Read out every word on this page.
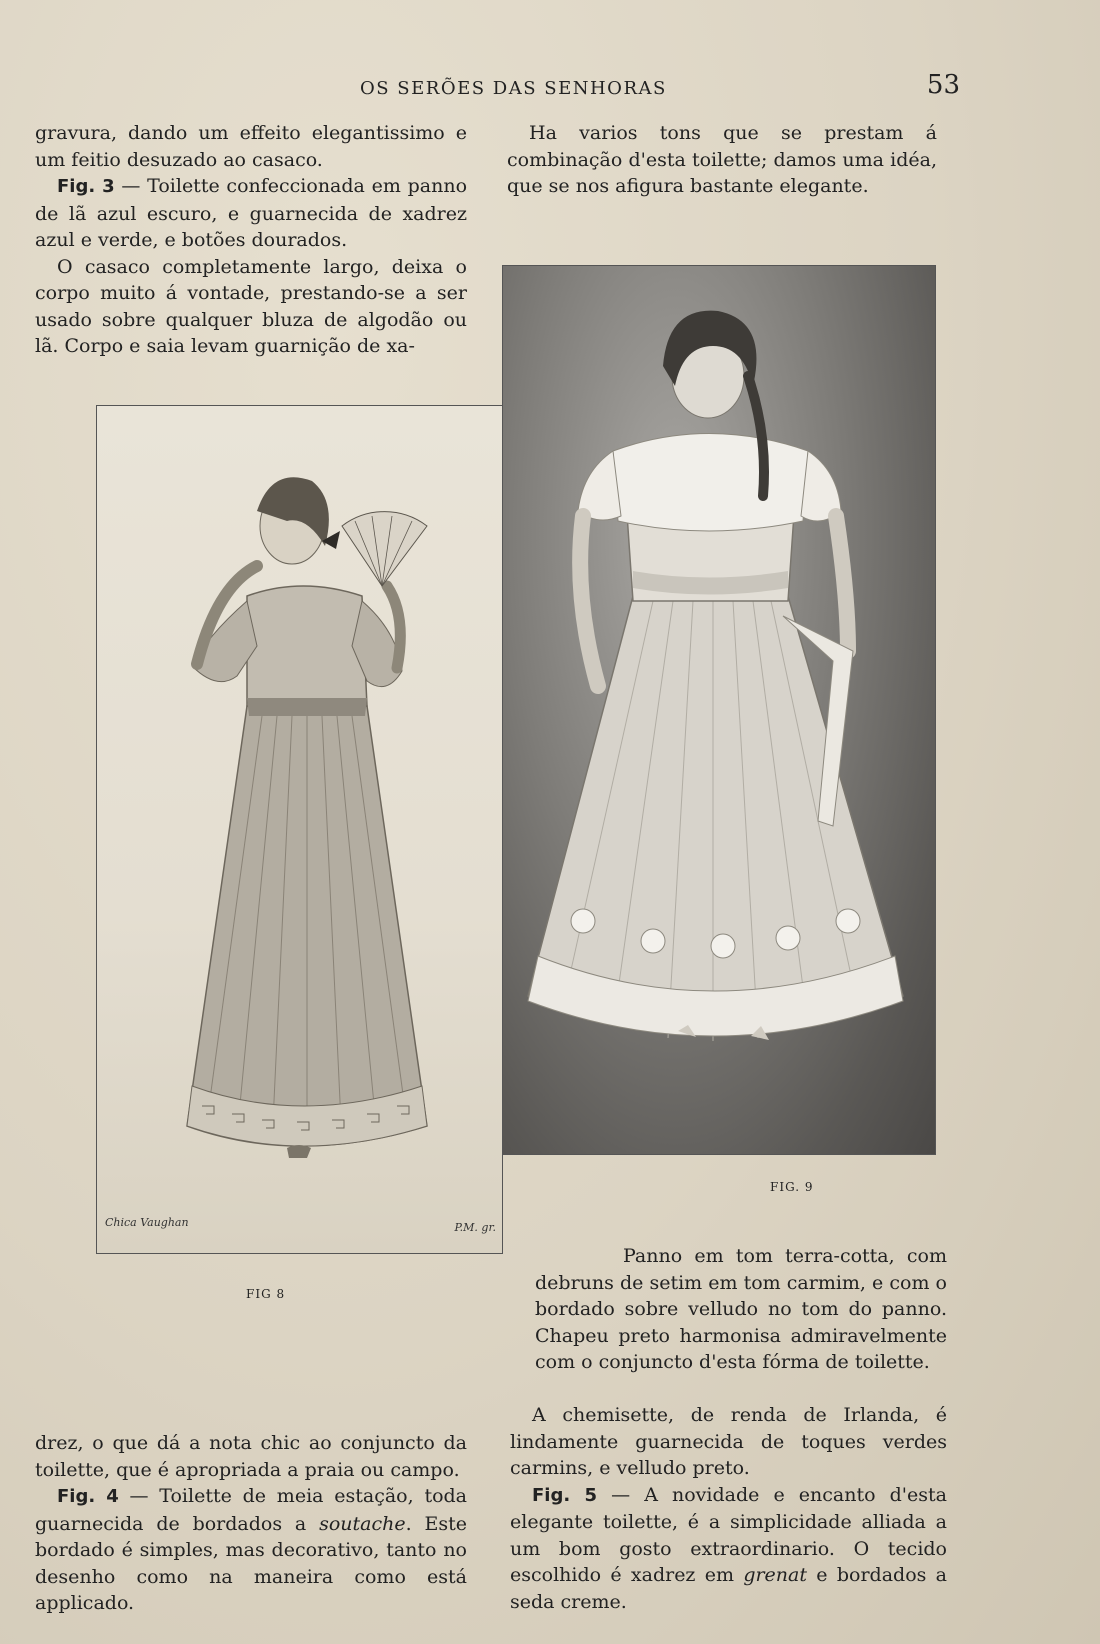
OS SERÕES DAS SENHORAS	53

gravura, dando um effeito elegantissimo e um feitio desuzado ao casaco.

Fig. 3 — Toilette confeccionada em panno de lã azul escuro, e guarnecida de xadrez azul e verde, e botões dourados.

O casaco completamente largo, deixa o corpo muito á vontade, prestando-se a ser usado sobre qualquer bluza de algodão ou lã. Corpo e saia levam guarnição de xa-

Ha varios tons que se prestam á combinação d'esta toilette; damos uma idéa, que se nos afigura bastante elegante.

Chica Vaughan	P.M. gr.
FIG 8
FIG. 9

Panno em tom terra-cotta, com debruns de setim em tom carmim, e com o bordado sobre velludo no tom do panno. Chapeu preto harmonisa admiravelmente com o conjuncto d'esta fórma de toilette.

A chemisette, de renda de Irlanda, é lindamente guarnecida de toques verdes carmins, e velludo preto.

Fig. 5 — A novidade e encanto d'esta elegante toilette, é a simplicidade alliada a um bom gosto extraordinario. O tecido escolhido é xadrez em grenat e bordados a seda creme.

drez, o que dá a nota chic ao conjuncto da toilette, que é apropriada a praia ou campo.

Fig. 4 — Toilette de meia estação, toda guarnecida de bordados a soutache. Este bordado é simples, mas decorativo, tanto no desenho como na maneira como está applicado.
